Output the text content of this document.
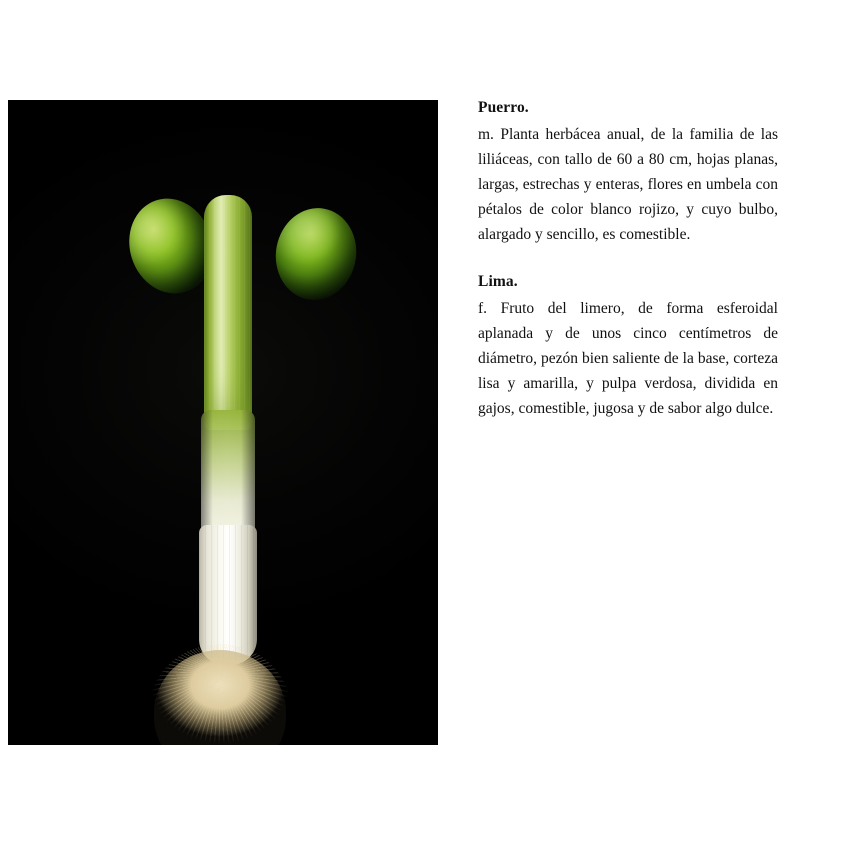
Puerro.

m. Planta herbácea anual, de la familia de las liliáceas, con tallo de 60 a 80 cm, hojas planas, largas, estrechas y enteras, flores en umbela con pétalos de color blanco rojizo, y cuyo bulbo, alargado y sencillo, es comestible.

Lima.

f. Fruto del limero, de forma esferoidal aplanada y de unos cinco centímetros de diámetro, pezón bien saliente de la base, corteza lisa y amarilla, y pulpa verdosa, dividida en gajos, comestible, jugosa y de sabor algo dulce.
